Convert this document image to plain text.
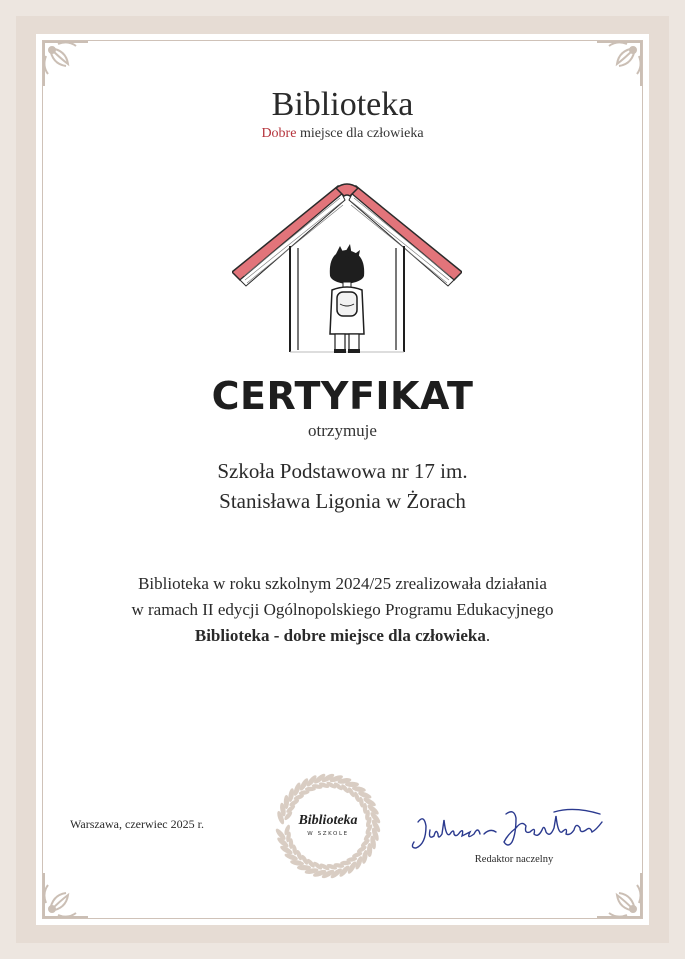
Biblioteka
Dobre miejsce dla człowieka
CERTYFIKAT
otrzymuje
Szkoła Podstawowa nr 17 im.
Stanisława Ligonia w Żorach
Biblioteka w roku szkolnym 2024/25 zrealizowała działania
w ramach II edycji Ogólnopolskiego Programu Edukacyjnego
Biblioteka - dobre miejsce dla człowieka.
Warszawa, czerwiec 2025 r.	Biblioteka
W SZKOLE
Redaktor naczelny
